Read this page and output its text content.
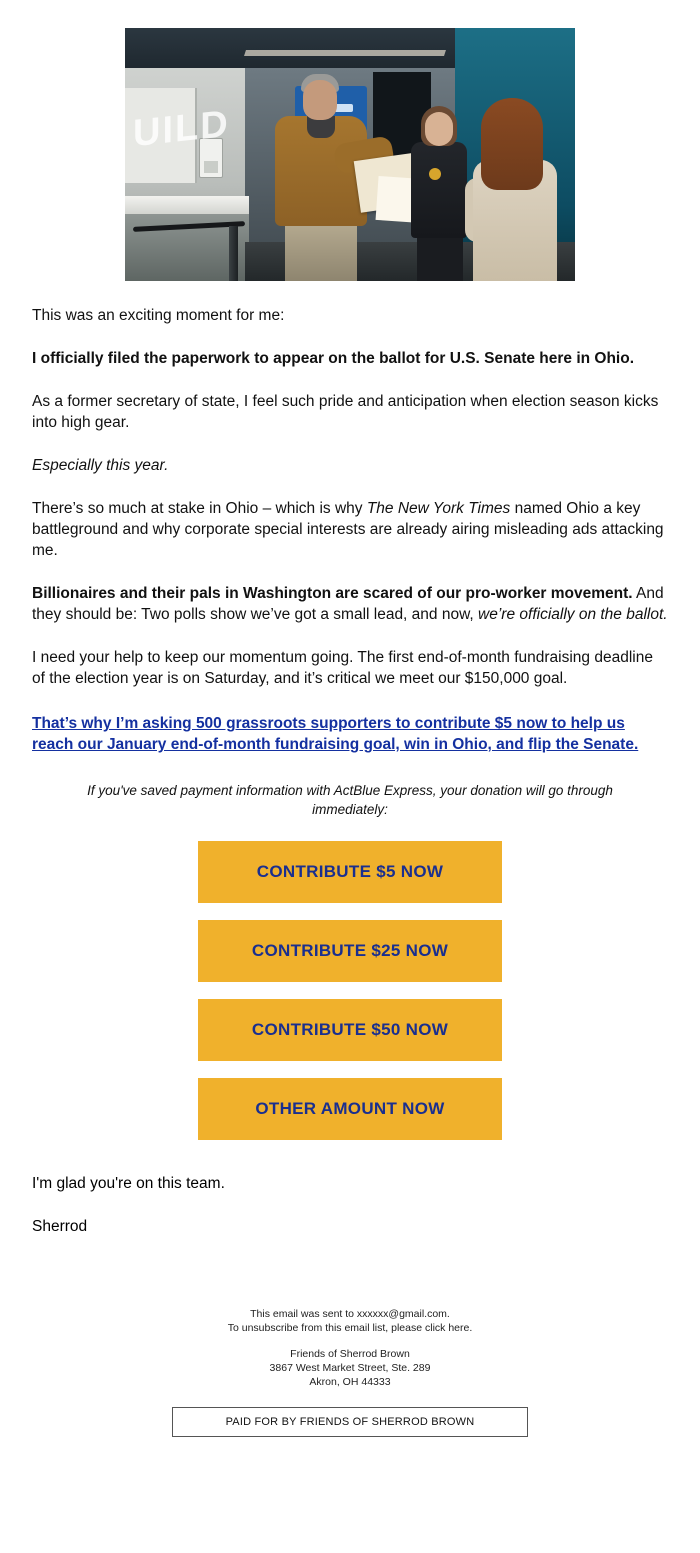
UILD

This was an exciting moment for me:

I officially filed the paperwork to appear on the ballot for U.S. Senate here in Ohio.

As a former secretary of state, I feel such pride and anticipation when election season kicks into high gear.

Especially this year.

There’s so much at stake in Ohio – which is why The New York Times named Ohio a key battleground and why corporate special interests are already airing misleading ads attacking me.

Billionaires and their pals in Washington are scared of our pro-worker movement. And they should be: Two polls show we’ve got a small lead, and now, we’re officially on the ballot.

I need your help to keep our momentum going. The first end-of-month fundraising deadline of the election year is on Saturday, and it’s critical we meet our $150,000 goal.

That’s why I’m asking 500 grassroots supporters to contribute $5 now to help us reach our January end-of-month fundraising goal, win in Ohio, and flip the Senate.

If you've saved payment information with ActBlue Express, your donation will go through immediately:

CONTRIBUTE $5 NOW
CONTRIBUTE $25 NOW
CONTRIBUTE $50 NOW
OTHER AMOUNT NOW

I'm glad you're on this team.

Sherrod

This email was sent to xxxxxx@gmail.com.
To unsubscribe from this email list, please click here.
Friends of Sherrod Brown
3867 West Market Street, Ste. 289
Akron, OH 44333
PAID FOR BY FRIENDS OF SHERROD BROWN
